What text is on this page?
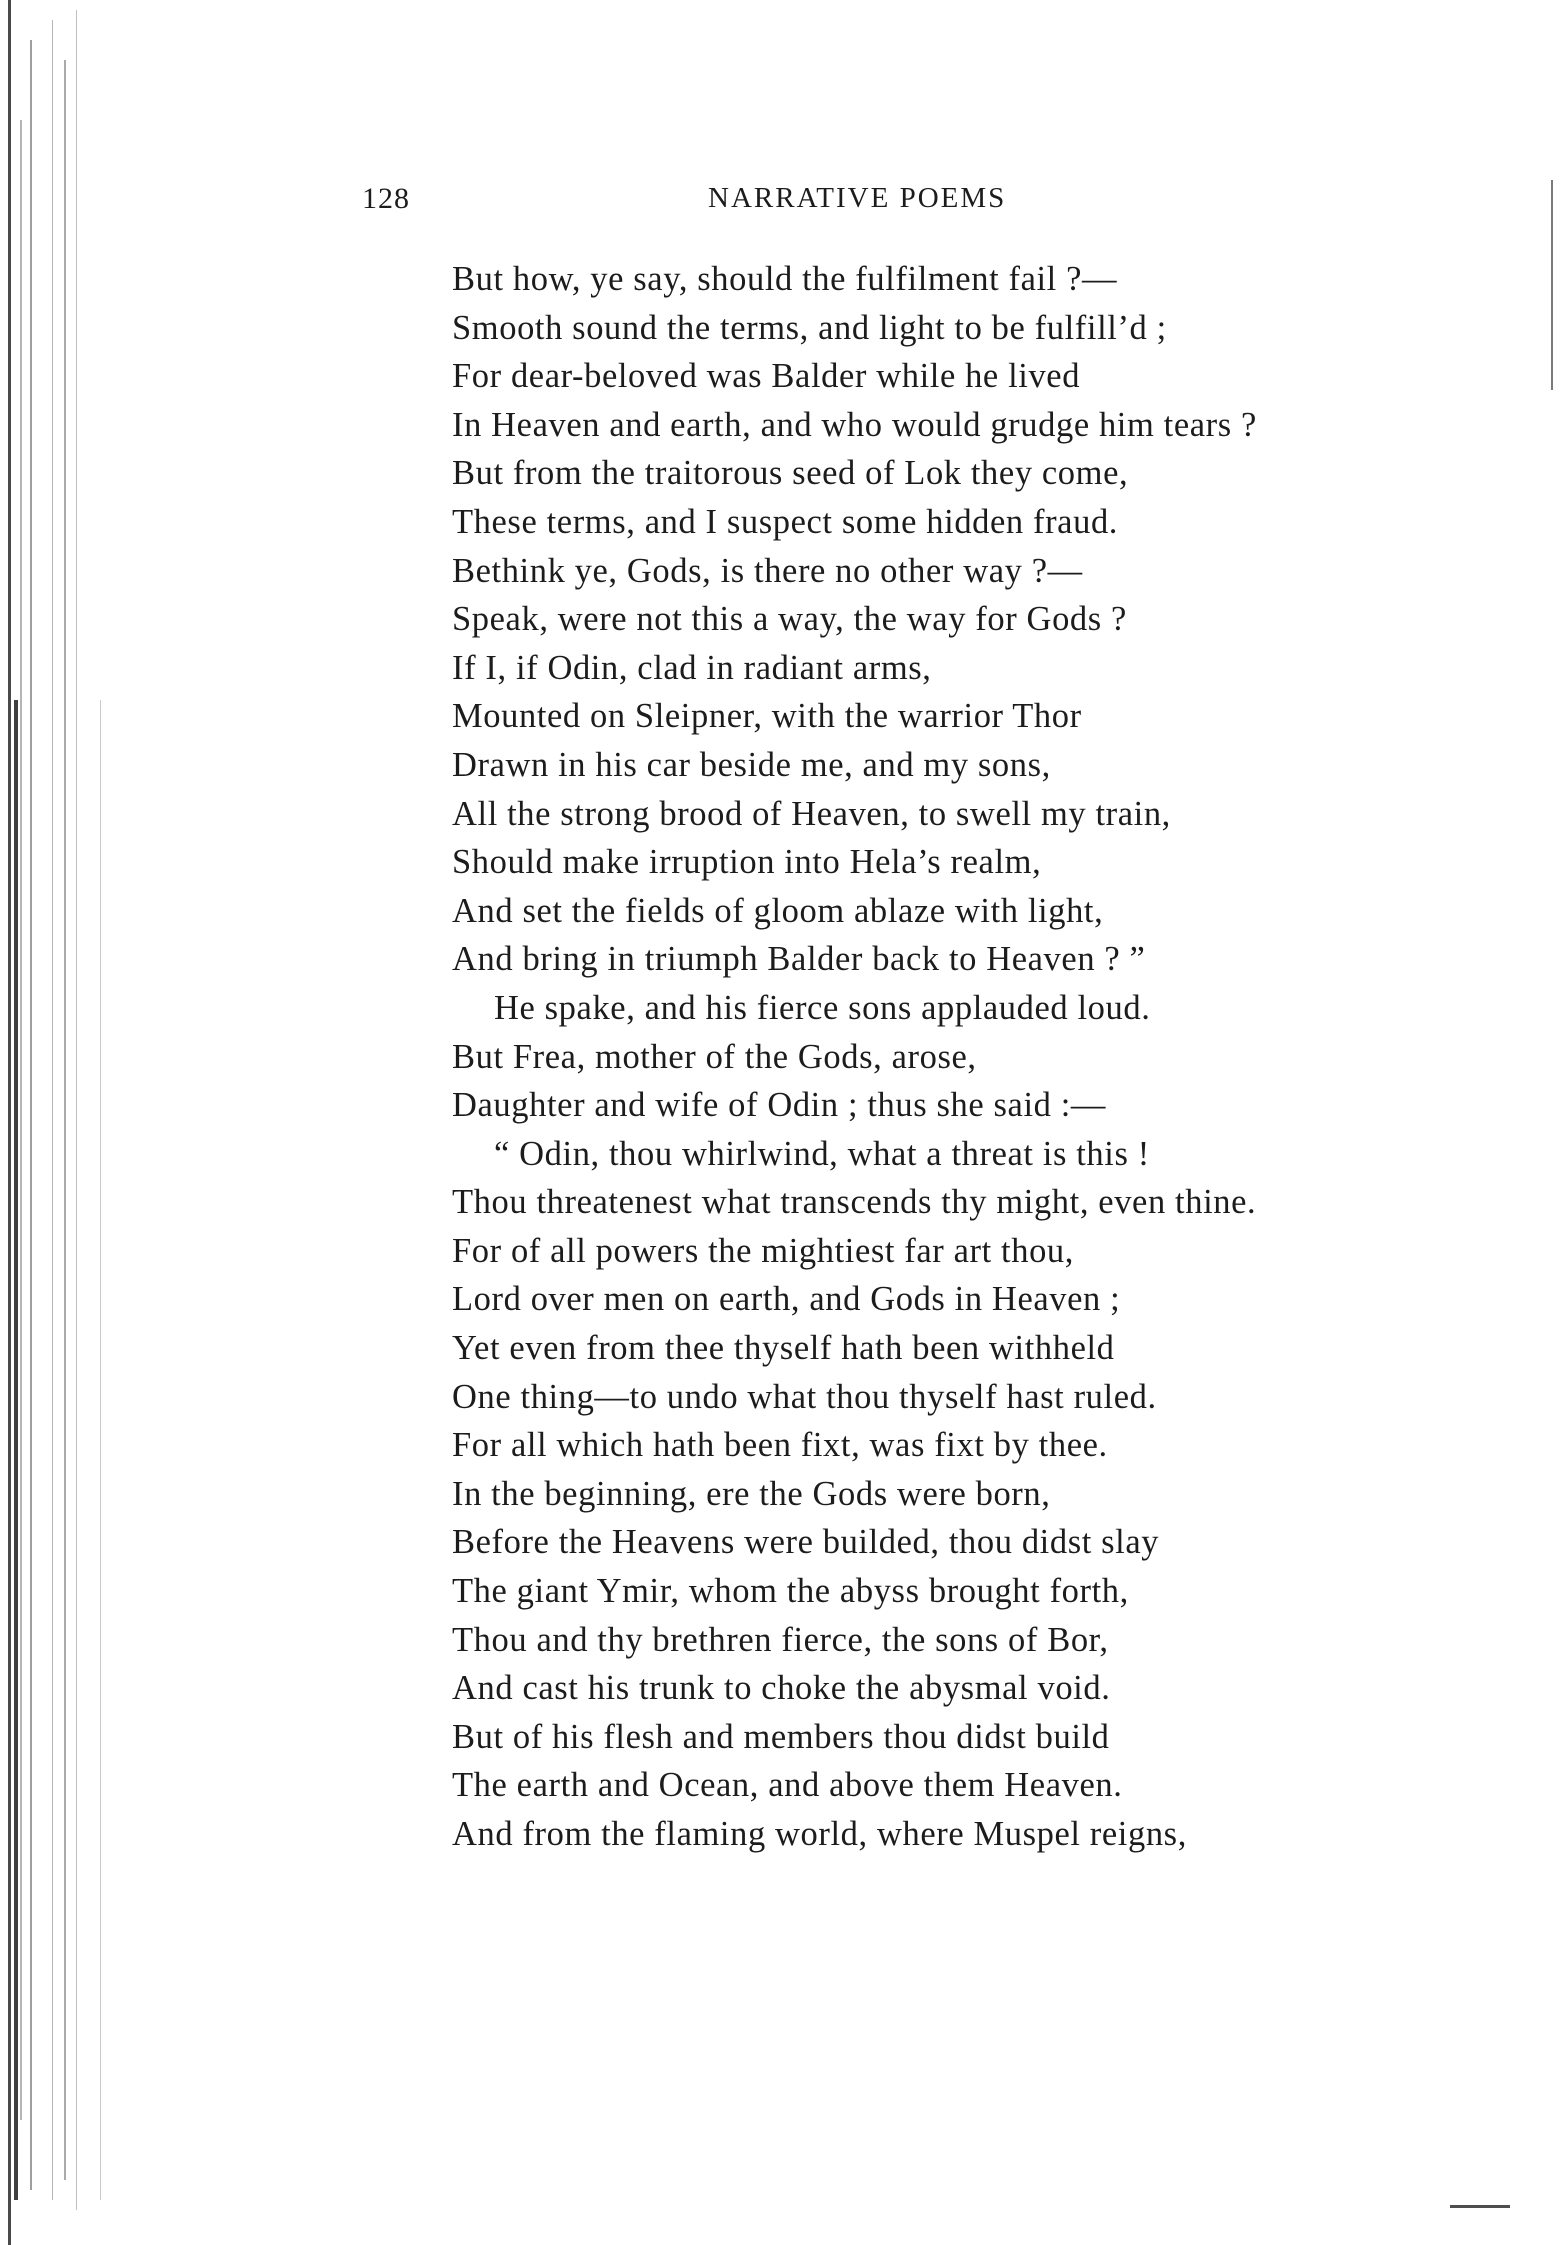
128	NARRATIVE POEMS
But how, ye say, should the fulfilment fail ?—
Smooth sound the terms, and light to be fulfill’d ;
For dear-beloved was Balder while he lived
In Heaven and earth, and who would grudge him tears ?
But from the traitorous seed of Lok they come,
These terms, and I suspect some hidden fraud.
Bethink ye, Gods, is there no other way ?—
Speak, were not this a way, the way for Gods ?
If I, if Odin, clad in radiant arms,
Mounted on Sleipner, with the warrior Thor
Drawn in his car beside me, and my sons,
All the strong brood of Heaven, to swell my train,
Should make irruption into Hela’s realm,
And set the fields of gloom ablaze with light,
And bring in triumph Balder back to Heaven ? ”
He spake, and his fierce sons applauded loud.
But Frea, mother of the Gods, arose,
Daughter and wife of Odin ; thus she said :—
“ Odin, thou whirlwind, what a threat is this !
Thou threatenest what transcends thy might, even thine.
For of all powers the mightiest far art thou,
Lord over men on earth, and Gods in Heaven ;
Yet even from thee thyself hath been withheld
One thing—to undo what thou thyself hast ruled.
For all which hath been fixt, was fixt by thee.
In the beginning, ere the Gods were born,
Before the Heavens were builded, thou didst slay
The giant Ymir, whom the abyss brought forth,
Thou and thy brethren fierce, the sons of Bor,
And cast his trunk to choke the abysmal void.
But of his flesh and members thou didst build
The earth and Ocean, and above them Heaven.
And from the flaming world, where Muspel reigns,
